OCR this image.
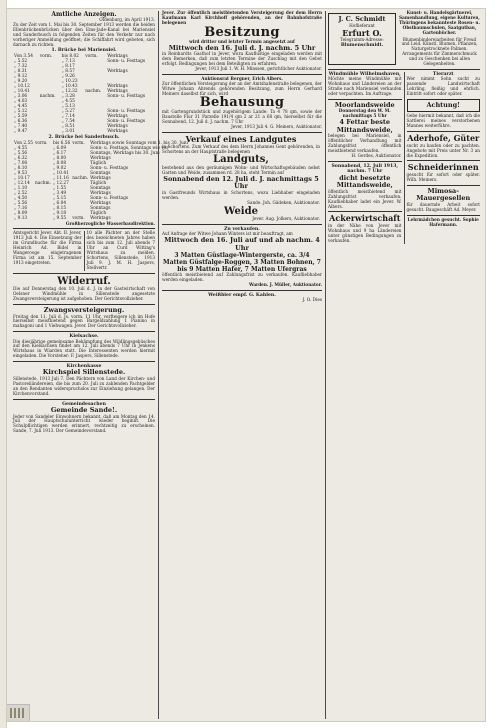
Amtliche Anzeigen.
Oldenburg, im April 1913.
Zu der Zeit vom 1. Mai bis 30. September 1913 werden die beiden Ellenbrückenbrücken über den Ems-Jade-Kanal bei Mariensiel und Sanderbusch in folgenden Zeiten für den Verkehr nur nach vorheriger Anmeldung geöffnet; die Schiffahrt wird gebeten, sich darnach zu richten.
1. Brücke bei Mariensiel.
Von 3.54	vorm.	bis 8.02	vorm.	Werktags
„ 5.52		„ 7.13		Sonn- u. Festtags
„ 7.32		„ 8.17		
„ 8.31		„ 8.57		Werktags
„ 9.12		„ 9.26		
„ 9.20		„ 10.23		
„ 10.12		„ 10.43		Werktags
„ 10.41		„ 12.32	nachm.	Werktags
„ 3.06	nachm.	„ 3.28		Sonn- u. Festtags
„ 4.03		„ 4.55		
„ 4.45		„ 5.13		
„ 5.12		„ 5.27		Sonn- u. Festtags
„ 5.59		„ 7.14		Werktags
„ 6.36		„ 7.54		Sonn- u. Festtags
„ 7.40		„ 8.51		Werktags
„ 9.47		„ 3.01		Werktags
2. Brücke bei Sanderbusch.
Von 2.55	vorm.	bis 6.56	vorm.	Werktags sowie Sonntags vom 1. bis 30. Juni
„ 4.55		„ 6.09		Sonn- u. Festtags, Sonntags wie vor
„ 5.56		„ 6.17		Sonntags, Werktags bis 30. Juni
„ 6.32		„ 8.00		Werktags
„ 7.08		„ 8.08		Täglich
„ 8.10		„ 9.02		Sonn- u. Festtags
„ 9.53		„ 10.41		Sonntags
„ 10.17		„ 11.16	nachm.	Werktags
„ 12.14	nachm.	„ 12.27		Täglich
„ 1.10		„ 1.55		Sonntags
„ 2.52		„ 3.49		Werktags
„ 4.50		„ 5.15		Sonn- u. Festtags
„ 5.56		„ 6.04		Werktags
„ 7.16		„ 8.15		Sonntags
„ 8.09		„ 9.18		Täglich
„ 9.13		„ 9.55	vorm.	Werktags
Großherzogliche Wasserbaudirektion.
Amtsgericht Jever. Abt. II. Jever, 1913 Juli 4. Die Einsetzung der im Grundbuche für die Firma Heinrich Ad. Bidel in Wangerooge eingetragenen Firma ist am 15. September 1913 eingetreten.
10 alle Pächter an der Stelle des bezeichneten Jahres haben sich bis zum 12. Juli abends 7 Uhr an Curd Witting's Wirtshaus zu melden. Schortens, Sillenstede, 1913 Juli 9. J. M. H. Jaspers, Stellvertr.
Widerruf.
Die auf Donnerstag den 10. Juli d. J. in der Gastwirtschaft von Oelsner Windmühle in Sillenstede angesetzte Zwangsversteigerung ist aufgehoben. Der Gerichtsvollzieher.
Zwangsversteigerung.
Freitag den 11. Juli d. Js. vorm. 11 Uhr, verfteigere ich im Hofe hierselbst meistbietend gegen Bargeldzahlung 1 Pianino in mahagoni und 1 Viehwagen. Jever. Der Gerichtsvollzieher.
Kielsachse.
Die diesjährige gemeinsame Bekämpfung des Wildlingsgebüsches auf den Kielsachsen findet am 12. Juli abends 7 Uhr in Jenkens Wirtshaus in Wiarden statt. Die Interessenten werden hiermit eingeladen. Die Vorsteher: F. Jaspers, Sillenstede.
Kirchenkasse
Kirchspiel Sillenstede.
Sillenstede, 1913 Juli 7. Den Pächtern von Land der Kirchen- und Pastoreiländereien, die bis zum 20. Juli zu zahlenden Pachtgelder an den Rendanten widerspruchslos zur Einziehung gelangen. Der Kirchenvorstand.
Gemeindesachen
Gemeinde Sande!.
Jeder von Sandeler Einwohnern bekannt, daß am Montag den 14. Juli der Hauptschulunterricht wieder beginnt. Die Schulpflichtigen werden erinnert, rechtzeitig zu erscheinen. Sande, 7. Juli 1913. Der Gemeindevorstand.
Jever. Zur öffentlich meistbietenden Versteigerung der dem Herrn Kaufmann Karl Kirchhoff gehörenden, an der Bahnhofstraße belegenen
Besitzung
wird dritter und letzter Termin angesetzt auf
Mittwoch den 16. Juli d. J. nachm. 5 Uhr
in Reinhardts Gasthof in Jever, wozu Kauflustige eingeladen werden mit dem Bemerken, daß zum letzten Termine der Zuschlag mit den Gebot erfolgt. Bedingungen bei dem Beteiligten zu erfahren.
Jever, 1913 Juli 1. W. H. Minssen, gerichtlicher Auktionator.
Auktionsrat Bergner, Erich Albers.
Zur öffentlichen Versteigerung der an der Amtshafenstraße belegenen, der Witwe Johann Ahrends gehörenden Besitzung, zum Herrn Gerhard Meiners daselbst für sich, wird
Behausung
mit Gartengrundstück und zugehörigem Lande: Ta 4 78 qm, sowie der Baustelle Flur 31 Parzelle 191/4 qm 2 ar 21 a 68 qm, hierselbst für die Sonnabend, 12. Juli d. J. nachm. 7 Uhr
Jever, 1913 Juli 4. G. Meiners, Auktionator.
Verkauf eines Landgutes
in Schortens. Zum Verkauf des dem Herrn Johannes Gent gehörenden, in Schortens an der Hauptstraße belegenen
Landguts,
bestehend aus den geräumigen Wohn- und Wirtschaftsgebäuden nebst Garten und Weide, zusammen rd. 28 ha, steht Termin auf
Sonnabend den 12. Juli d. J. nachmittags 5 Uhr
in Gastfreunds Wirtshaus in Schortens, wozu Liebhaber eingeladen werden.
Sande. Joh. Gädeken, Auktionator.
Weide
Jever. Aug. Jolkers, Auktionator.
Zu verkaufen.
Auf Anfrage der Witwe Johann Winters ist mir beauftragt, am
Mittwoch den 16. Juli auf und ab nachm. 4 Uhr
3 Matten Güstlage-Wintergerste, ca. 3/4 Matten Güstfalge-Roggen, 3 Matten Bohnen, 7 bis 9 Matten Hafer, 7 Matten Ufergras
öffentlich meistbietend auf Zahlungsfrist zu verkaufen. Kaufliebhaber werden eingeladen.
Warden. J. Müller, Auktionator.
Weißbier empf. G. Kahlen.
J. O. Dies
J. C. Schmidt
Hoflieferant
Erfurt O.
Telegramm-Adresse:
Blumenschmidt.
Kunst- u. Handelsgärtnerei, Samenhandlung, eigene Kulturen, Thüringens bekannteste Rosen- u. Obstbaumschulen, Saatgutbau, Gartenbücher.
Blumenbindereiarbeiten für Freud und Leid. Künstl. Blumen, Pflanzen, Naturgetrocknete Palmen. Arrangements für Zimmerschmuck und zu Geschenken bei allen Gelegenheiten.
Windmühle Wilhelmshaven,
Möchte meine Windmühle mit Wohnhaus und Ländereien an der Straße nach Mariensiel verkaufen oder verpachten. Im Auftrage.
Moorlandsweide
Donnerstag den W. M. nachmittags 5 Uhr
4 Fettar beste Mittandsweide,
belegen bei Mariensiel, in öffentlicher Verhandlung mit Zahlungsfrist öffentlich meistbietend verkaufen.
H. Gerdes, Auktionator.
Sonnabend, 12. Juli 1913, nachm. 7 Uhr
dicht besetzte Mittandsweide,
öffentlich meistbietend mit Zahlungsfrist verkaufen. Kaufliebhaber ladet ein Jever. W. Albers.
Ackerwirtschaft
in der Nähe von Jever mit Wohnhaus und 9 ha Ländereien unter günstigen Bedingungen zu verkaufen.
Tierarzt
Wer nimmt Sohn sucht zu passende Landwirtschaft Lehrling, fleißig und ehrlich. Eintritt sofort oder später.
Achtung!
Gebe hiermit bekannt, daß ich die Sattlerei meines verstorbenen Mannes weiterführe.
Aderhofe, Güter
sucht zu kaufen oder zu pachten. Angebote mit Preis unter Nr. 3 an die Expedition.
Schneiderinnen
gesucht für sofort oder später. Wilh. Meiners.
Mimosa-Mauergesellen
für dauernde Arbeit sofort gesucht. Baugeschäft Ad. Meyer.
Lehrmädchen gesucht. Sophie Hafermann.
